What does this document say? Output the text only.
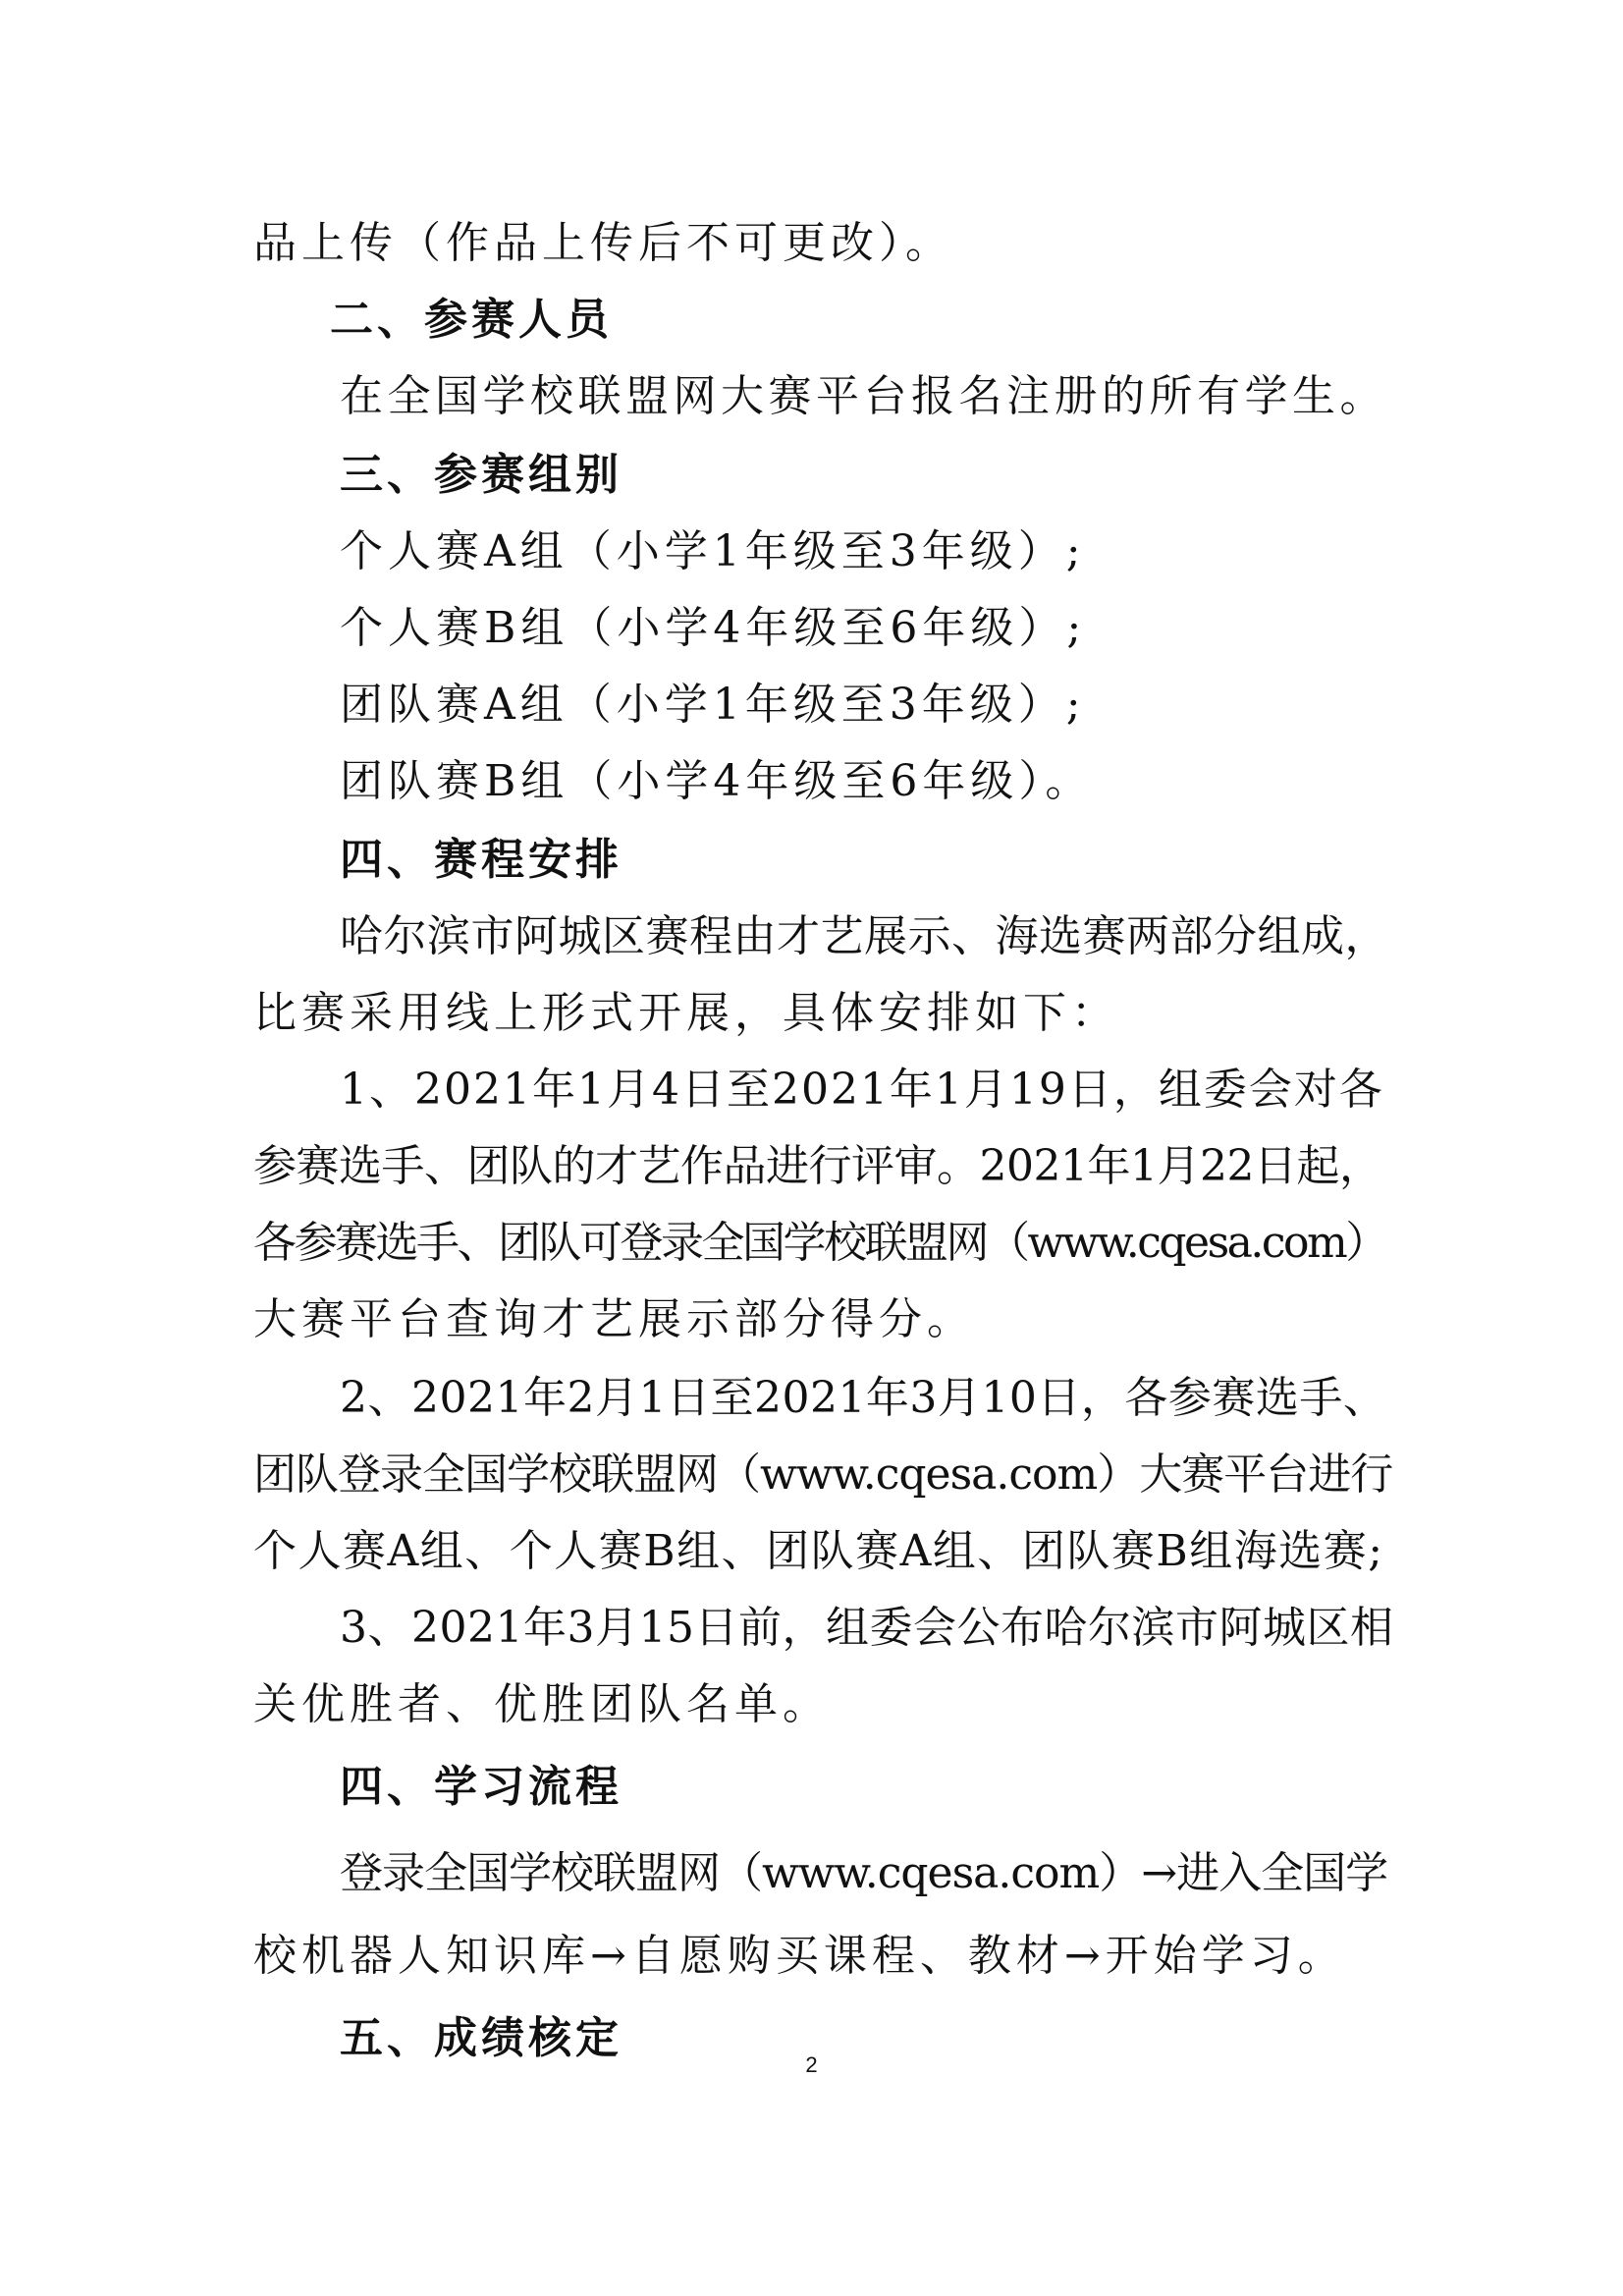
品上传（作品上传后不可更改）。
二、参赛人员
在全国学校联盟网大赛平台报名注册的所有学生。
三、参赛组别
个人赛A组（小学1年级至3年级）;
个人赛B组（小学4年级至6年级）;
团队赛A组（小学1年级至3年级）;
团队赛B组（小学4年级至6年级）。
四、赛程安排
哈尔滨市阿城区赛程由才艺展示、海选赛两部分组成，
比赛采用线上形式开展，具体安排如下：
1、2021年1月4日至2021年1月19日，组委会对各
参赛选手、团队的才艺作品进行评审。2021年1月22日起，
各参赛选手、团队可登录全国学校联盟网（www.cqesa.com）
大赛平台查询才艺展示部分得分。
2、2021年2月1日至2021年3月10日，各参赛选手、
团队登录全国学校联盟网（www.cqesa.com）大赛平台进行
个人赛A组、个人赛B组、团队赛A组、团队赛B组海选赛;
3、2021年3月15日前，组委会公布哈尔滨市阿城区相
关优胜者、优胜团队名单。
四、学习流程
登录全国学校联盟网（www.cqesa.com）→进入全国学
校机器人知识库→自愿购买课程、教材→开始学习。
五、成绩核定
2
